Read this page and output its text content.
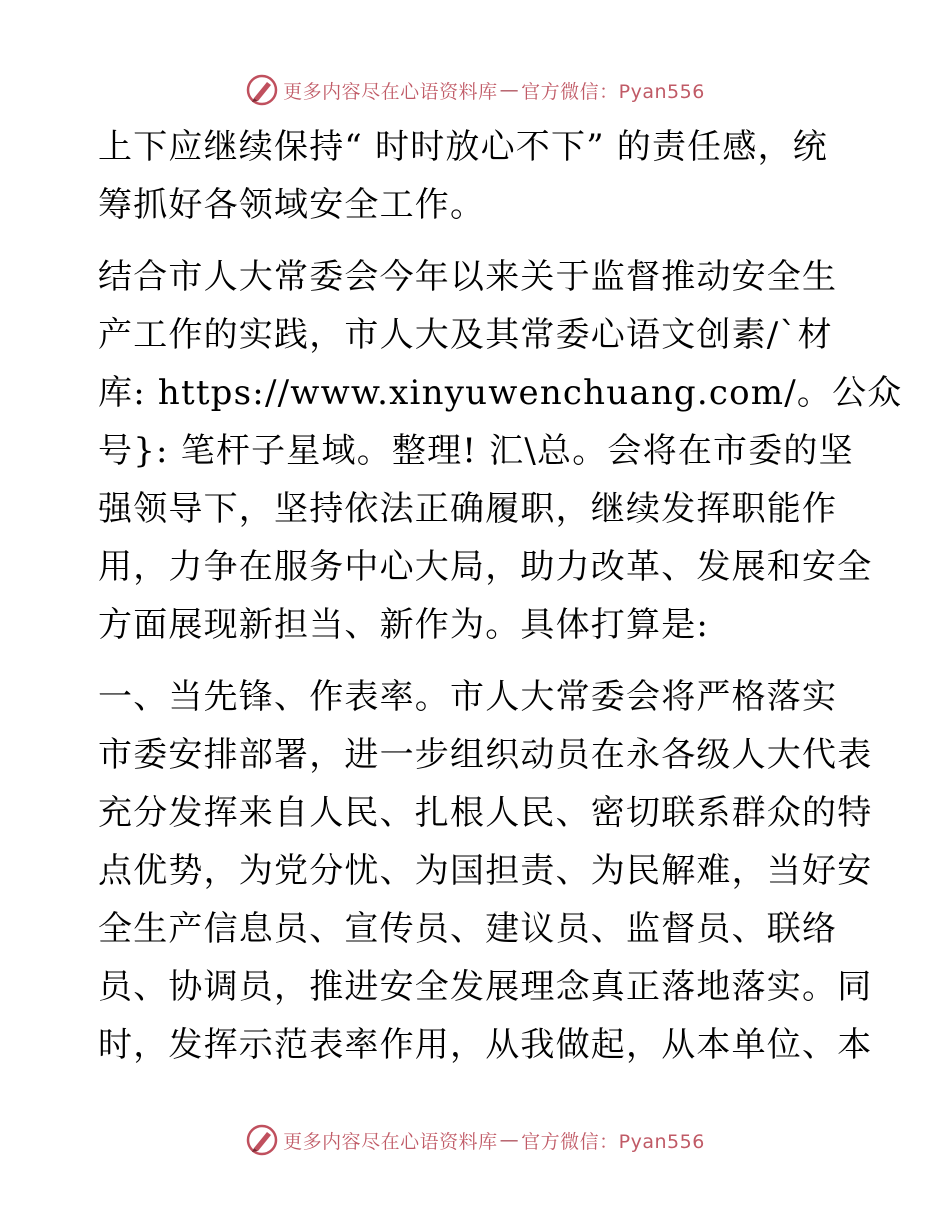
更多内容尽在心语资料库 — 官方微信：Pyan556

上下应继续保持“ 时时放心不下” 的责任感，统
筹抓好各领域安全工作。

结合市人大常委会今年以来关于监督推动安全生
产工作的实践，市人大及其常委心语文创素/`材
库: https://www.xinyuwenchuang.com/。公众
号}: 笔杆子星域。整理! 汇\总。会将在市委的坚
强领导下，坚持依法正确履职，继续发挥职能作
用，力争在服务中心大局，助力改革、发展和安全
方面展现新担当、新作为。具体打算是:

一、当先锋、作表率。市人大常委会将严格落实
市委安排部署，进一步组织动员在永各级人大代表
充分发挥来自人民、扎根人民、密切联系群众的特
点优势，为党分忧、为国担责、为民解难，当好安
全生产信息员、宣传员、建议员、监督员、联络
员、协调员，推进安全发展理念真正落地落实。同
时，发挥示范表率作用，从我做起，从本单位、本

更多内容尽在心语资料库 — 官方微信：Pyan556
